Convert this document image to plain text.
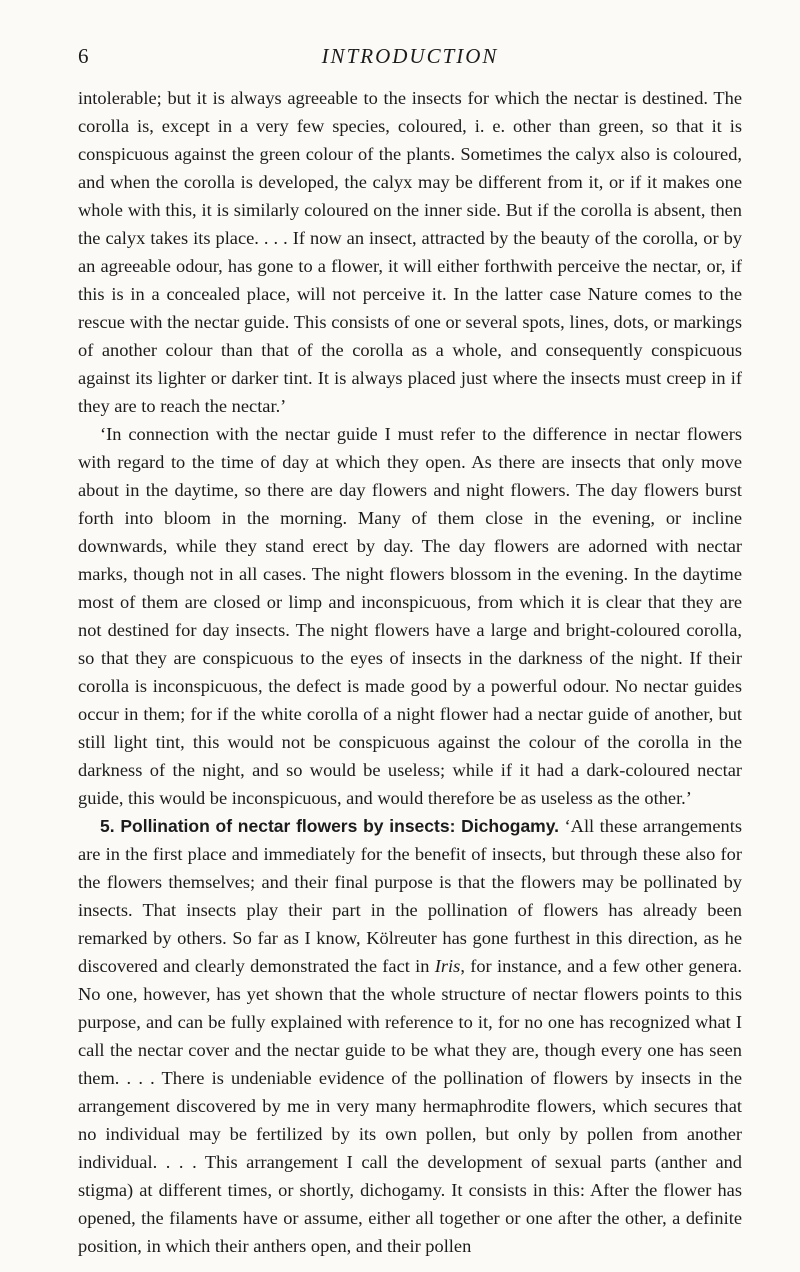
6	INTRODUCTION

intolerable; but it is always agreeable to the insects for which the nectar is destined. The corolla is, except in a very few species, coloured, i. e. other than green, so that it is conspicuous against the green colour of the plants. Sometimes the calyx also is coloured, and when the corolla is developed, the calyx may be different from it, or if it makes one whole with this, it is similarly coloured on the inner side. But if the corolla is absent, then the calyx takes its place. . . . If now an insect, attracted by the beauty of the corolla, or by an agreeable odour, has gone to a flower, it will either forthwith perceive the nectar, or, if this is in a concealed place, will not perceive it. In the latter case Nature comes to the rescue with the nectar guide. This consists of one or several spots, lines, dots, or markings of another colour than that of the corolla as a whole, and consequently conspicuous against its lighter or darker tint. It is always placed just where the insects must creep in if they are to reach the nectar.’

‘In connection with the nectar guide I must refer to the difference in nectar flowers with regard to the time of day at which they open. As there are insects that only move about in the daytime, so there are day flowers and night flowers. The day flowers burst forth into bloom in the morning. Many of them close in the evening, or incline downwards, while they stand erect by day. The day flowers are adorned with nectar marks, though not in all cases. The night flowers blossom in the evening. In the daytime most of them are closed or limp and inconspicuous, from which it is clear that they are not destined for day insects. The night flowers have a large and bright-coloured corolla, so that they are conspicuous to the eyes of insects in the darkness of the night. If their corolla is inconspicuous, the defect is made good by a powerful odour. No nectar guides occur in them; for if the white corolla of a night flower had a nectar guide of another, but still light tint, this would not be conspicuous against the colour of the corolla in the darkness of the night, and so would be useless; while if it had a dark-coloured nectar guide, this would be inconspicuous, and would therefore be as useless as the other.’

5. Pollination of nectar flowers by insects: Dichogamy. ‘All these arrangements are in the first place and immediately for the benefit of insects, but through these also for the flowers themselves; and their final purpose is that the flowers may be pollinated by insects. That insects play their part in the pollination of flowers has already been remarked by others. So far as I know, Kölreuter has gone furthest in this direction, as he discovered and clearly demonstrated the fact in Iris, for instance, and a few other genera. No one, however, has yet shown that the whole structure of nectar flowers points to this purpose, and can be fully explained with reference to it, for no one has recognized what I call the nectar cover and the nectar guide to be what they are, though every one has seen them. . . . There is undeniable evidence of the pollination of flowers by insects in the arrangement discovered by me in very many hermaphrodite flowers, which secures that no individual may be fertilized by its own pollen, but only by pollen from another individual. . . . This arrangement I call the development of sexual parts (anther and stigma) at different times, or shortly, dichogamy. It consists in this: After the flower has opened, the filaments have or assume, either all together or one after the other, a definite position, in which their anthers open, and their pollen
